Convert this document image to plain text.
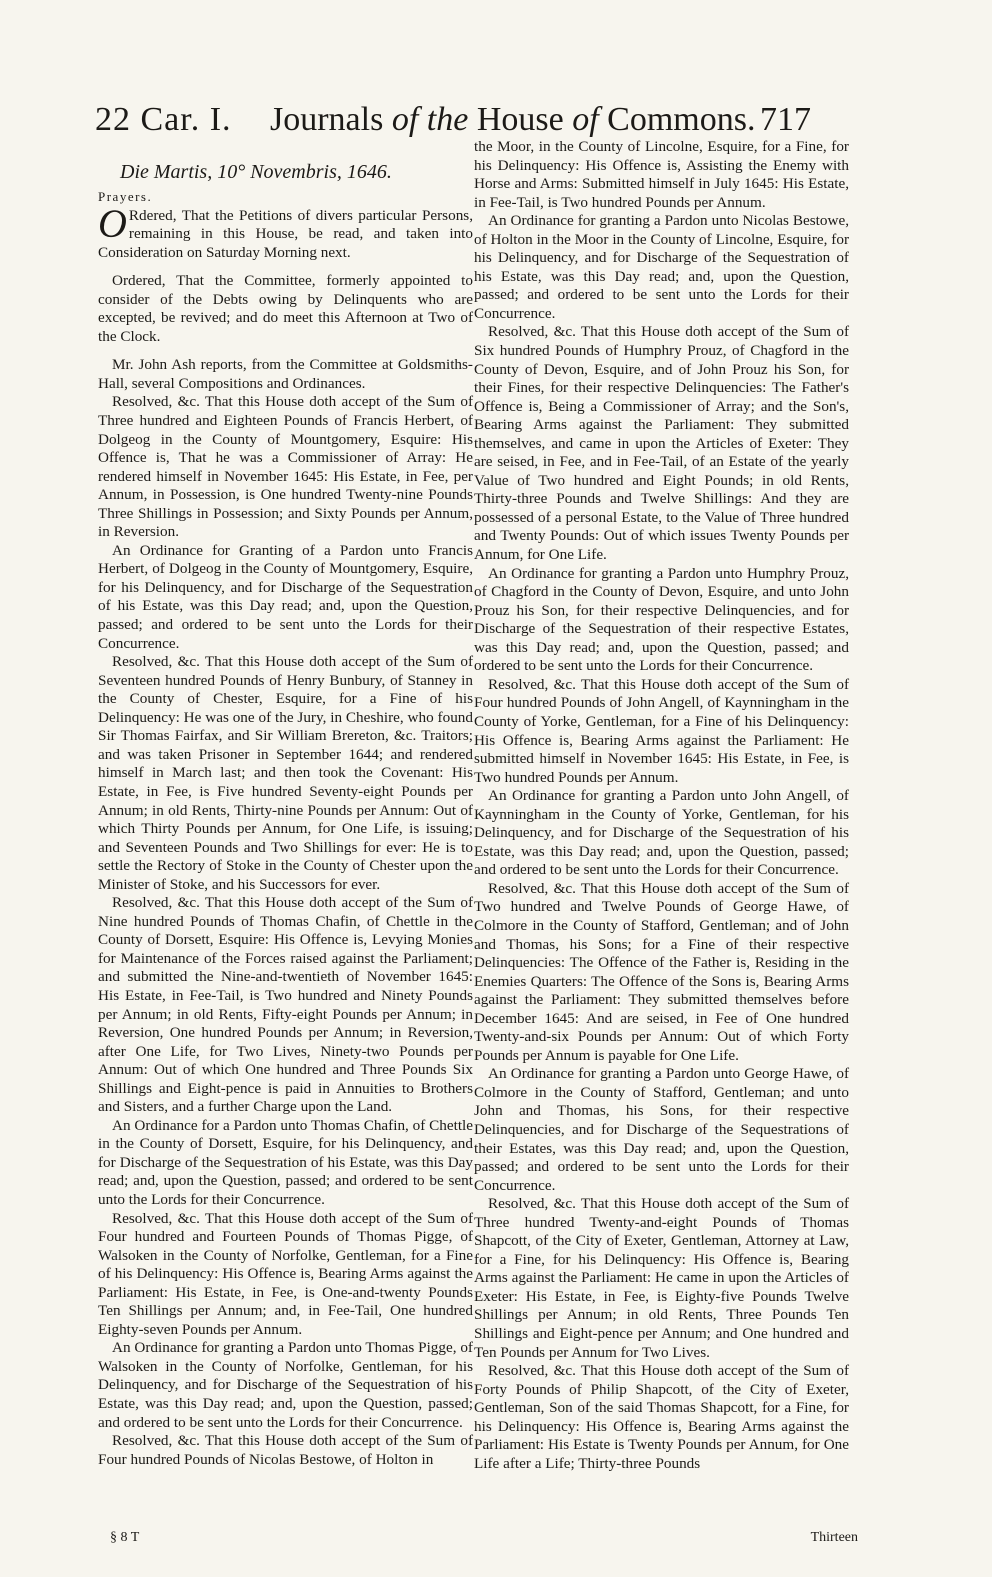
22 Car. I. Journals of the House of Commons. 717
Die Martis, 10° Novembris, 1646.

Prayers.

O Rdered, That the Petitions of divers particular Persons, remaining in this House, be read, and taken into Consideration on Saturday Morning next.

Ordered, That the Committee, formerly appointed to consider of the Debts owing by Delinquents who are excepted, be revived; and do meet this Afternoon at Two of the Clock.

Mr. John Ash reports, from the Committee at Goldsmiths-Hall, several Compositions and Ordinances.

Resolved, &c. That this House doth accept of the Sum of Three hundred and Eighteen Pounds of Francis Herbert, of Dolgeog in the County of Mountgomery, Esquire: His Offence is, That he was a Commissioner of Array: He rendered himself in November 1645: His Estate, in Fee, per Annum, in Possession, is One hundred Twenty-nine Pounds Three Shillings in Possession; and Sixty Pounds per Annum, in Reversion.

An Ordinance for Granting of a Pardon unto Francis Herbert, of Dolgeog in the County of Mountgomery, Esquire, for his Delinquency, and for Discharge of the Sequestration of his Estate, was this Day read; and, upon the Question, passed; and ordered to be sent unto the Lords for their Concurrence.

Resolved, &c. That this House doth accept of the Sum of Seventeen hundred Pounds of Henry Bunbury, of Stanney in the County of Chester, Esquire, for a Fine of his Delinquency: He was one of the Jury, in Cheshire, who found Sir Thomas Fairfax, and Sir William Brereton, &c. Traitors; and was taken Prisoner in September 1644; and rendered himself in March last; and then took the Covenant: His Estate, in Fee, is Five hundred Seventy-eight Pounds per Annum; in old Rents, Thirty-nine Pounds per Annum: Out of which Thirty Pounds per Annum, for One Life, is issuing; and Seventeen Pounds and Two Shillings for ever: He is to settle the Rectory of Stoke in the County of Chester upon the Minister of Stoke, and his Successors for ever.

Resolved, &c. That this House doth accept of the Sum of Nine hundred Pounds of Thomas Chafin, of Chettle in the County of Dorsett, Esquire: His Offence is, Levying Monies for Maintenance of the Forces raised against the Parliament; and submitted the Nine-and-twentieth of November 1645: His Estate, in Fee-Tail, is Two hundred and Ninety Pounds per Annum; in old Rents, Fifty-eight Pounds per Annum; in Reversion, One hundred Pounds per Annum; in Reversion, after One Life, for Two Lives, Ninety-two Pounds per Annum: Out of which One hundred and Three Pounds Six Shillings and Eight-pence is paid in Annuities to Brothers and Sisters, and a further Charge upon the Land.

An Ordinance for a Pardon unto Thomas Chafin, of Chettle in the County of Dorsett, Esquire, for his Delinquency, and for Discharge of the Sequestration of his Estate, was this Day read; and, upon the Question, passed; and ordered to be sent unto the Lords for their Concurrence.

Resolved, &c. That this House doth accept of the Sum of Four hundred and Fourteen Pounds of Thomas Pigge, of Walsoken in the County of Norfolke, Gentleman, for a Fine of his Delinquency: His Offence is, Bearing Arms against the Parliament: His Estate, in Fee, is One-and-twenty Pounds Ten Shillings per Annum; and, in Fee-Tail, One hundred Eighty-seven Pounds per Annum.

An Ordinance for granting a Pardon unto Thomas Pigge, of Walsoken in the County of Norfolke, Gentleman, for his Delinquency, and for Discharge of the Sequestration of his Estate, was this Day read; and, upon the Question, passed; and ordered to be sent unto the Lords for their Concurrence.

Resolved, &c. That this House doth accept of the Sum of Four hundred Pounds of Nicolas Bestowe, of Holton in

the Moor, in the County of Lincolne, Esquire, for a Fine, for his Delinquency: His Offence is, Assisting the Enemy with Horse and Arms: Submitted himself in July 1645: His Estate, in Fee-Tail, is Two hundred Pounds per Annum.

An Ordinance for granting a Pardon unto Nicolas Bestowe, of Holton in the Moor in the County of Lincolne, Esquire, for his Delinquency, and for Discharge of the Sequestration of his Estate, was this Day read; and, upon the Question, passed; and ordered to be sent unto the Lords for their Concurrence.

Resolved, &c. That this House doth accept of the Sum of Six hundred Pounds of Humphry Prouz, of Chagford in the County of Devon, Esquire, and of John Prouz his Son, for their Fines, for their respective Delinquencies: The Father's Offence is, Being a Commissioner of Array; and the Son's, Bearing Arms against the Parliament: They submitted themselves, and came in upon the Articles of Exeter: They are seised, in Fee, and in Fee-Tail, of an Estate of the yearly Value of Two hundred and Eight Pounds; in old Rents, Thirty-three Pounds and Twelve Shillings: And they are possessed of a personal Estate, to the Value of Three hundred and Twenty Pounds: Out of which issues Twenty Pounds per Annum, for One Life.

An Ordinance for granting a Pardon unto Humphry Prouz, of Chagford in the County of Devon, Esquire, and unto John Prouz his Son, for their respective Delinquencies, and for Discharge of the Sequestration of their respective Estates, was this Day read; and, upon the Question, passed; and ordered to be sent unto the Lords for their Concurrence.

Resolved, &c. That this House doth accept of the Sum of Four hundred Pounds of John Angell, of Kaynningham in the County of Yorke, Gentleman, for a Fine of his Delinquency: His Offence is, Bearing Arms against the Parliament: He submitted himself in November 1645: His Estate, in Fee, is Two hundred Pounds per Annum.

An Ordinance for granting a Pardon unto John Angell, of Kaynningham in the County of Yorke, Gentleman, for his Delinquency, and for Discharge of the Sequestration of his Estate, was this Day read; and, upon the Question, passed; and ordered to be sent unto the Lords for their Concurrence.

Resolved, &c. That this House doth accept of the Sum of Two hundred and Twelve Pounds of George Hawe, of Colmore in the County of Stafford, Gentleman; and of John and Thomas, his Sons; for a Fine of their respective Delinquencies: The Offence of the Father is, Residing in the Enemies Quarters: The Offence of the Sons is, Bearing Arms against the Parliament: They submitted themselves before December 1645: And are seised, in Fee of One hundred Twenty-and-six Pounds per Annum: Out of which Forty Pounds per Annum is payable for One Life.

An Ordinance for granting a Pardon unto George Hawe, of Colmore in the County of Stafford, Gentleman; and unto John and Thomas, his Sons, for their respective Delinquencies, and for Discharge of the Sequestrations of their Estates, was this Day read; and, upon the Question, passed; and ordered to be sent unto the Lords for their Concurrence.

Resolved, &c. That this House doth accept of the Sum of Three hundred Twenty-and-eight Pounds of Thomas Shapcott, of the City of Exeter, Gentleman, Attorney at Law, for a Fine, for his Delinquency: His Offence is, Bearing Arms against the Parliament: He came in upon the Articles of Exeter: His Estate, in Fee, is Eighty-five Pounds Twelve Shillings per Annum; in old Rents, Three Pounds Ten Shillings and Eight-pence per Annum; and One hundred and Ten Pounds per Annum for Two Lives.

Resolved, &c. That this House doth accept of the Sum of Forty Pounds of Philip Shapcott, of the City of Exeter, Gentleman, Son of the said Thomas Shapcott, for a Fine, for his Delinquency: His Offence is, Bearing Arms against the Parliament: His Estate is Twenty Pounds per Annum, for One Life after a Life; Thirty-three Pounds

§ 8 T	Thirteen
